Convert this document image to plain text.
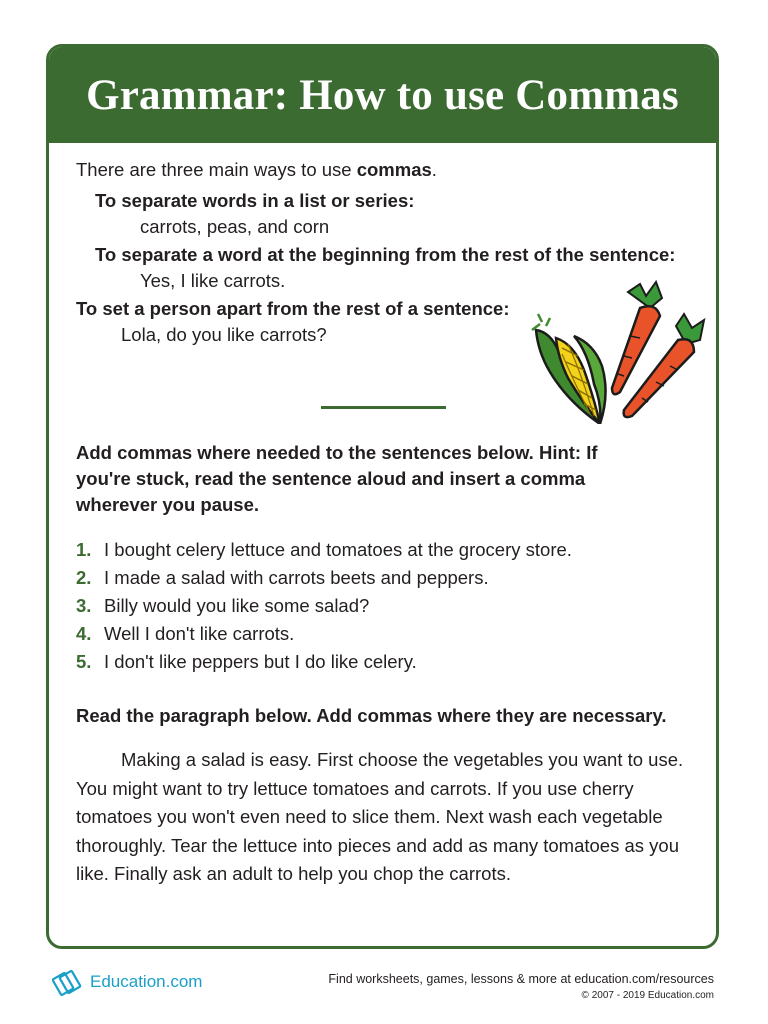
Grammar: How to use Commas
There are three main ways to use commas.
To separate words in a list or series:
carrots, peas, and corn
To separate a word at the beginning from the rest of the sentence:
Yes, I like carrots.
To set a person apart from the rest of a sentence:
Lola, do you like carrots?
Add commas where needed to the sentences below. Hint: If
you're stuck, read the sentence aloud and insert a comma
wherever you pause.
1. I bought celery lettuce and tomatoes at the grocery store.
2. I made a salad with carrots beets and peppers.
3. Billy would you like some salad?
4. Well I don't like carrots.
5. I don't like peppers but I do like celery.
Read the paragraph below. Add commas where they are necessary.

Making a salad is easy. First choose the vegetables you want to use. You might want to try lettuce tomatoes and carrots. If you use cherry tomatoes you won't even need to slice them. Next wash each vegetable thoroughly. Tear the lettuce into pieces and add as many tomatoes as you like. Finally ask an adult to help you chop the carrots.

Education.com	Find worksheets, games, lessons & more at education.com/resources
© 2007 - 2019 Education.com
